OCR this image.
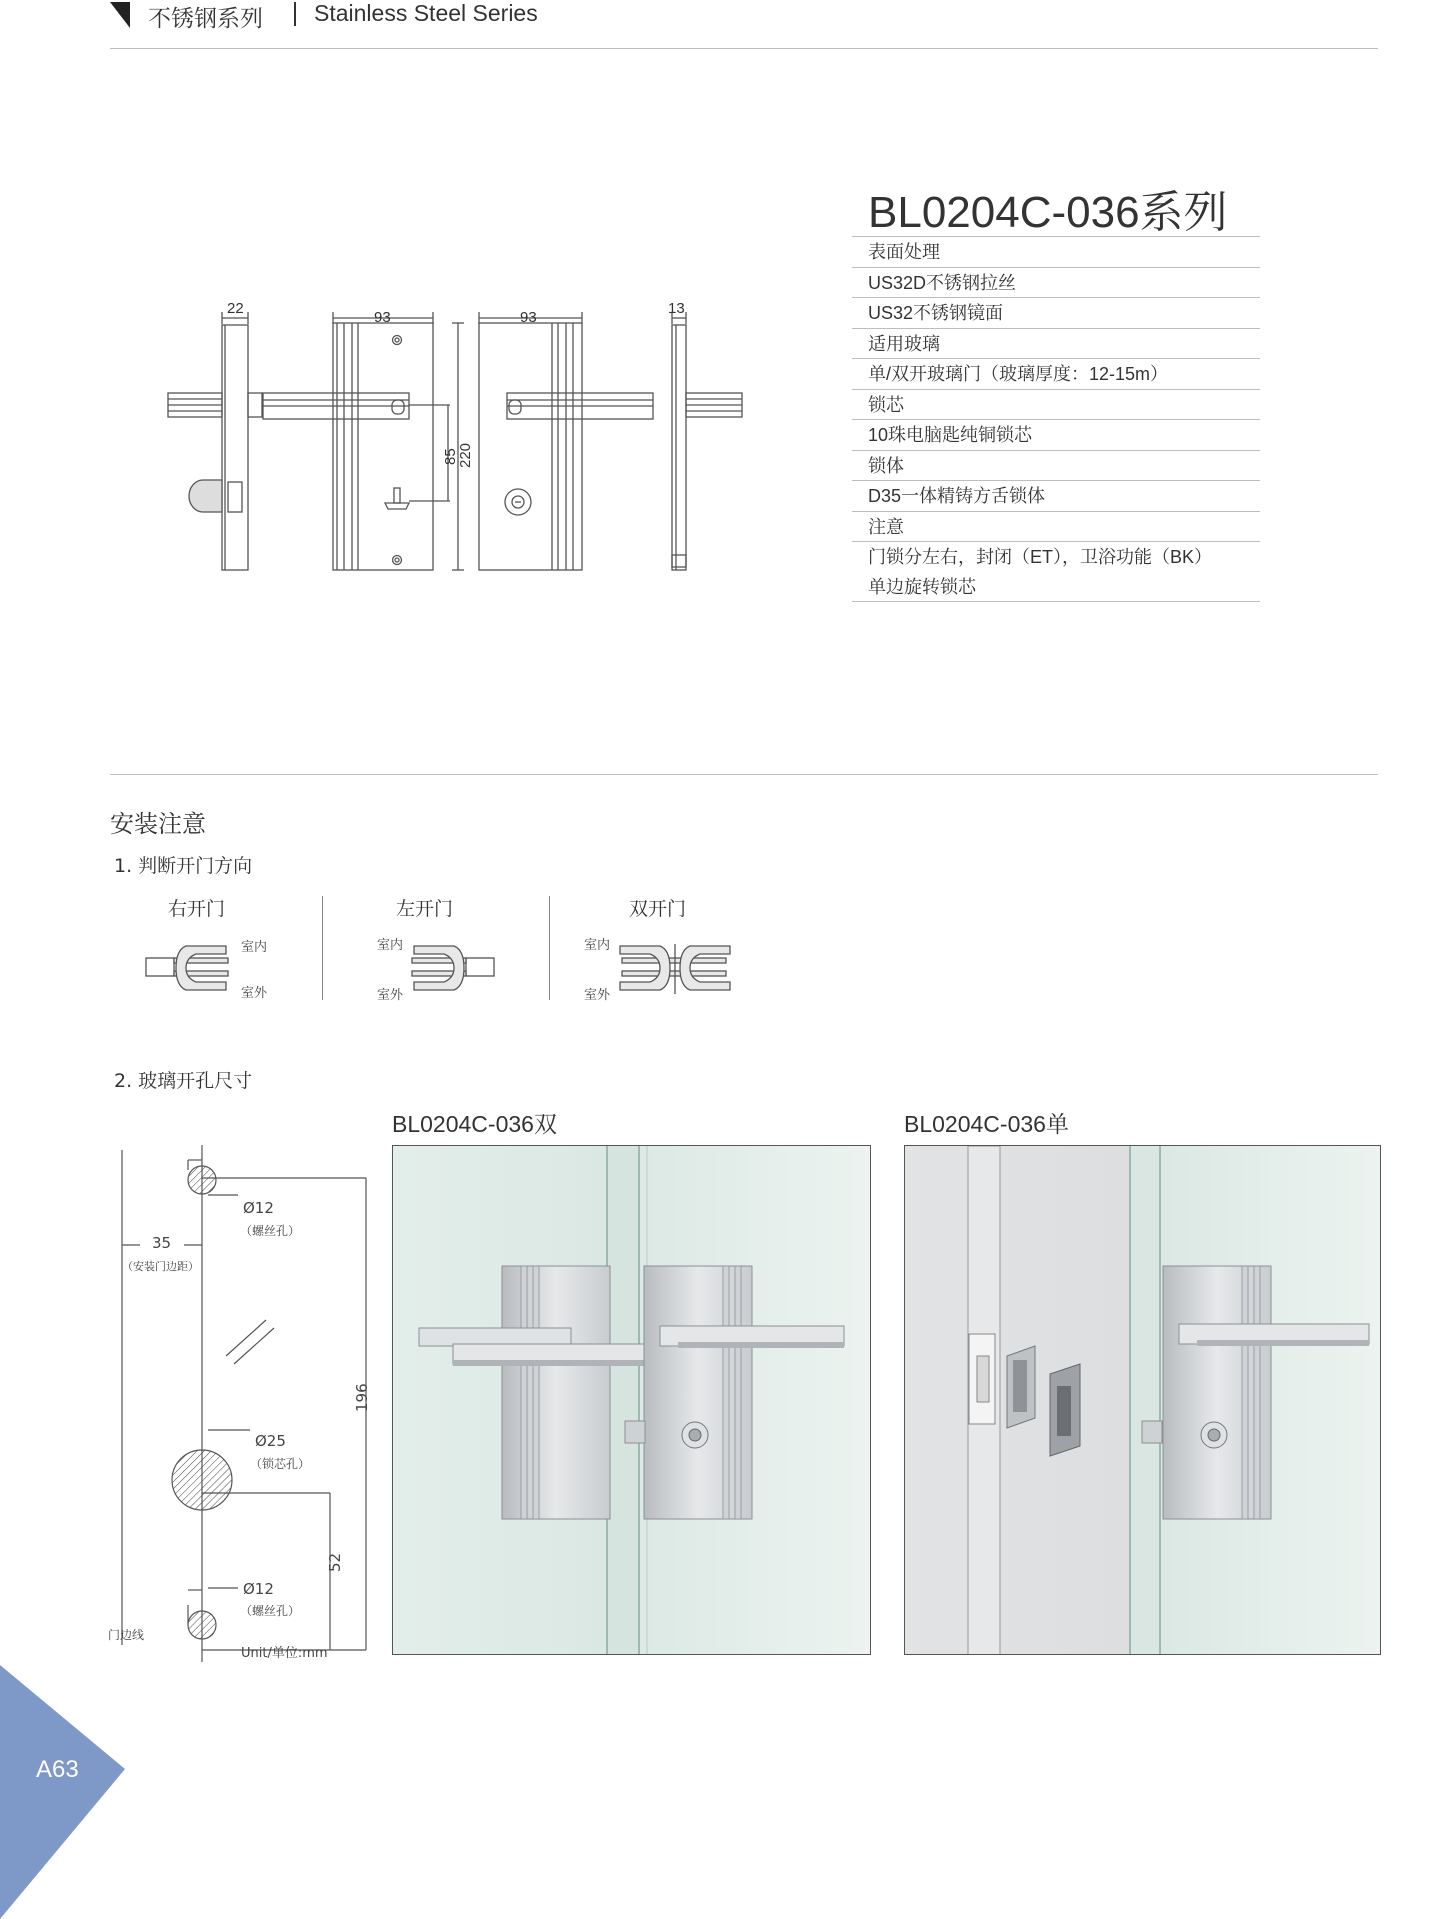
不锈钢系列 Stainless Steel Series
22
93	93
13
85
220
BL0204C-036系列
表面处理
US32D不锈钢拉丝
US32不锈钢镜面
适用玻璃
单/双开玻璃门（玻璃厚度：12-15m）
锁芯
10珠电脑匙纯铜锁芯
锁体
D35一体精铸方舌锁体
注意
门锁分左右，封闭（ET），卫浴功能（BK）
单边旋转锁芯
安装注意
1. 判断开门方向
右开门	左开门	双开门
室内
室外
室内
室外
室内
室外
2. 玻璃开孔尺寸
Ø12
（螺丝孔）
35
（安装门边距）
Ø25
（锁芯孔）
196
52
Ø12
（螺丝孔）
门边线
Unit/单位:mm
BL0204C-036双	BL0204C-036单
A63
